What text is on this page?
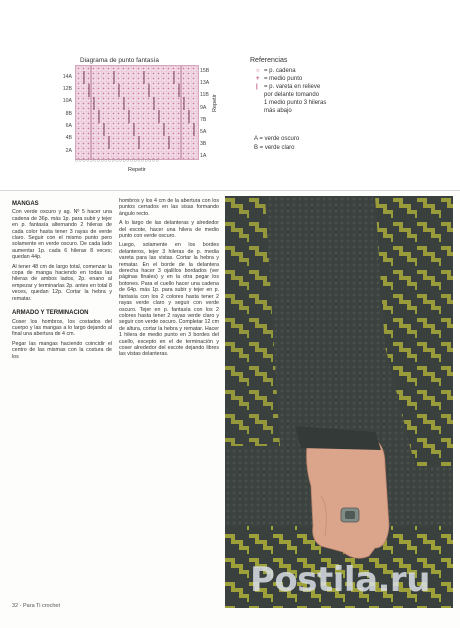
Diagrama de punto fantasía
14A
12B
10A
8B
6A
4B
2A
15B
13A
11B
9A
7B
5A
3B
1A
○○○○○○○○○○○○○○○○○○○○○○○
Repetir
Repetir
Referencias
○ = p. cadena
+ = medio punto
| = p. vareta en relieve
por delante tomando
1 medio punto 3 hileras
más abajo
A = verde oscuro
B = verde claro
MANGAS

Con verde oscuro y ag. Nº 5 hacer una cadena de 36p. más 1p. para subir y tejer en p. fantasía alternando 2 hileras de cada color hasta tener 3 rayas de verde claro. Seguir con el mismo punto pero solamente en verde oscuro. De cada lado aumentar 1p. cada 6 hileras 8 veces; quedan 44p.

Al tener 48 cm de largo total, comenzar la copa de manga haciendo en todas las hileras de ambos lados, 2p. enano al empezar y terminarlas 2p. antes en total 8 veces, quedan 12p. Cortar la hebra y rematar.

ARMADO Y TERMINACION

Coser los hombros, los costados del cuerpo y las mangas a lo largo dejando al final una abertura de 4 cm.

Pegar las mangas haciendo coincidir el centro de las mismas con la costura de los

hombros y los 4 cm de la abertura con los puntos cerrados en las sisas formando ángulo recto.

A lo largo de las delanteras y alrededor del escote, hacer una hilera de medio punto con verde oscuro.

Luego, solamente en los bordes delanteros, tejer 3 hileras de p. media vareta para las vistas. Cortar la hebra y rematar. En el borde de la delantera derecha hacer 3 ojalillos bordados (ver páginas finales) y en la otra pegar los botones. Para el cuello hacer una cadena de 64p. más 1p. para subir y tejer en p. fantasía con los 2 colores hasta tener 2 rayas verde claro y seguir con verde oscuro. Tejer en p. fantasía con los 2 colores hasta tener 2 rayas verde claro y seguir con verde oscuro. Completar 12 cm de altura, cortar la hebra y rematar. Hacer 1 hilera de medio punto en 3 bordes del cuello, excepto en el de terminación y coser alrededor del escote dejando libres las vistas delanteras.

Postila.ru
32 · Para Ti crochet
